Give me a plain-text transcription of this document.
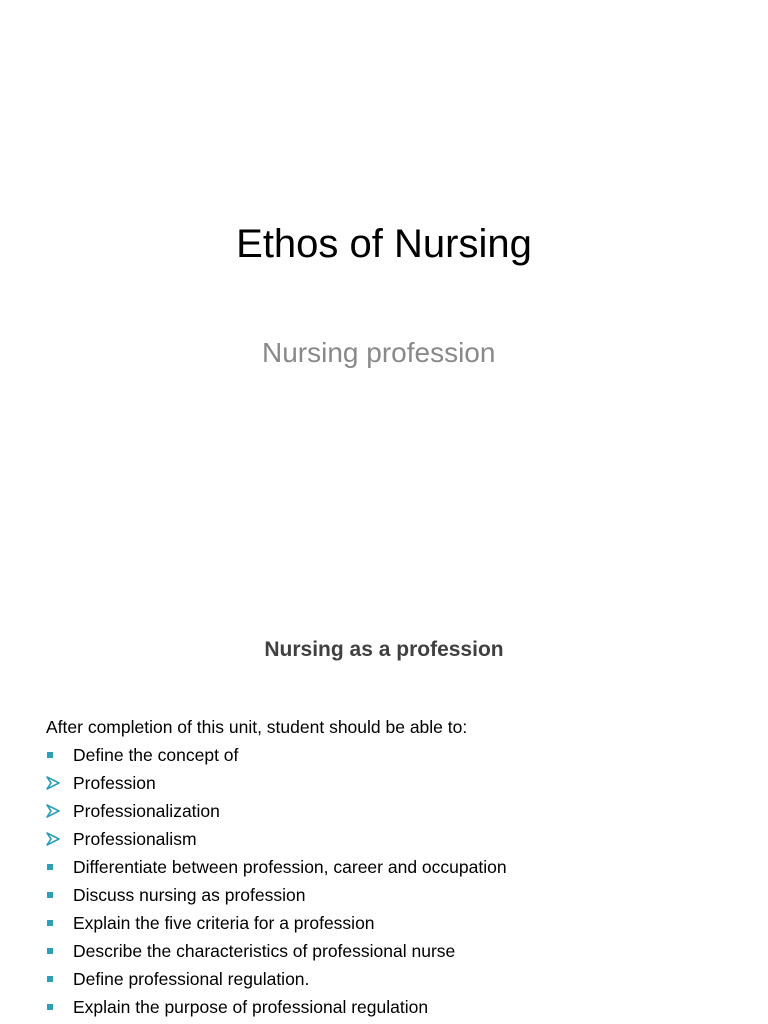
Ethos of Nursing
Nursing profession
Nursing as a profession
After completion of this unit, student should be able to:
Define the concept of
Profession
Professionalization
Professionalism
Differentiate between profession, career and occupation
Discuss nursing as profession
Explain the five criteria for a profession
Describe the characteristics of professional nurse
Define professional regulation.
Explain the purpose of professional regulation
